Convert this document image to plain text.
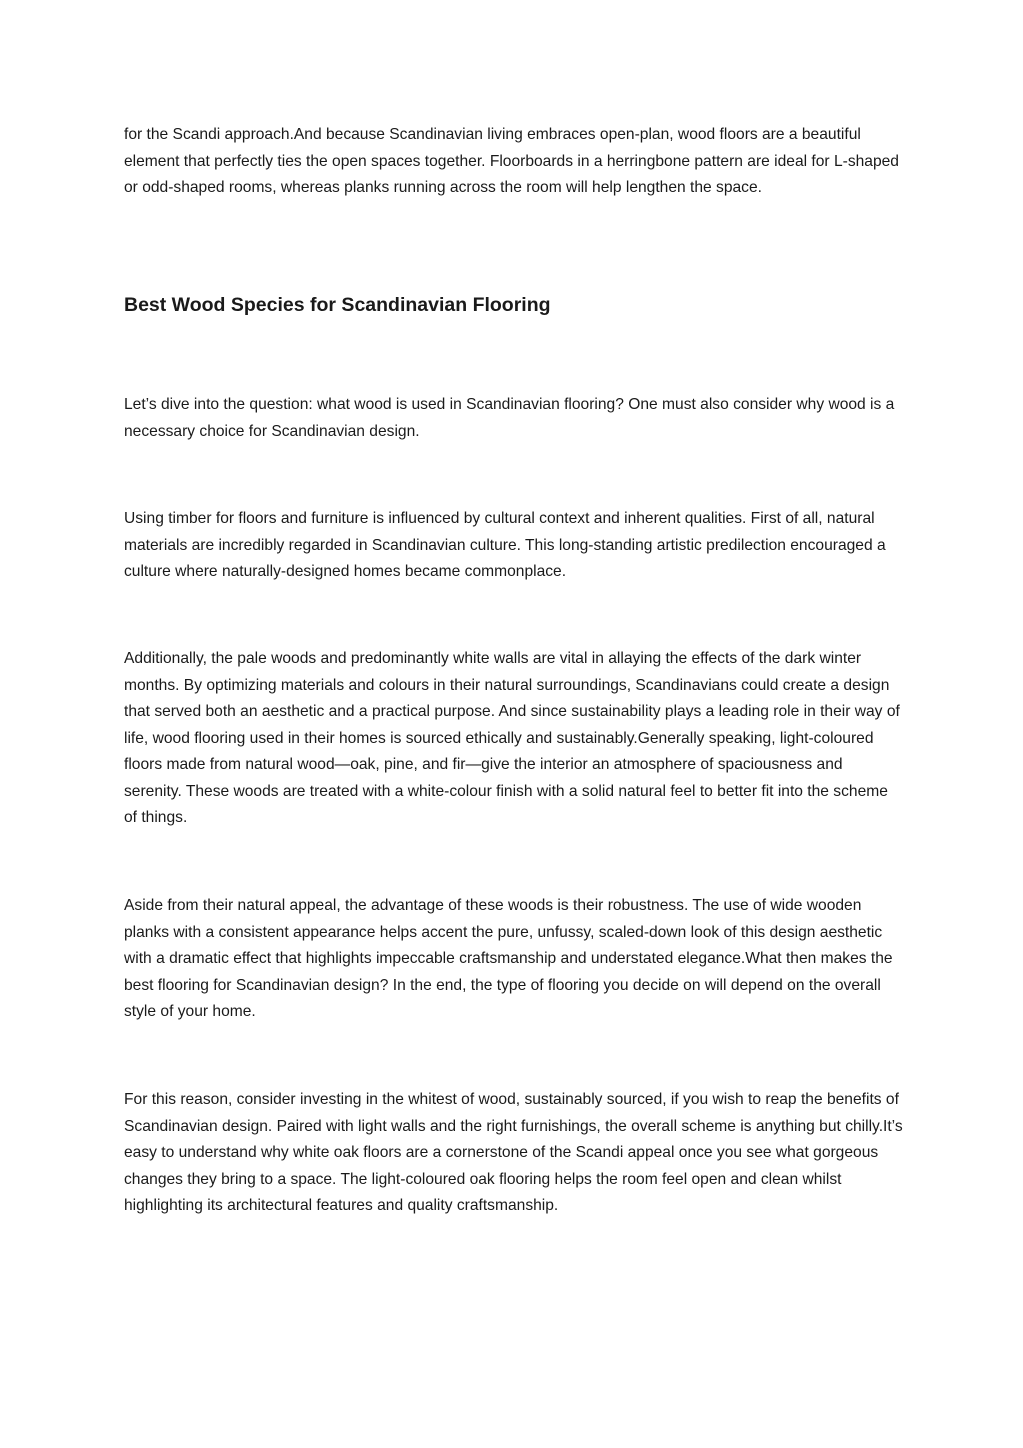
for the Scandi approach.And because Scandinavian living embraces open-plan, wood floors are a beautiful element that perfectly ties the open spaces together. Floorboards in a herringbone pattern are ideal for L-shaped or odd-shaped rooms, whereas planks running across the room will help lengthen the space.

Best Wood Species for Scandinavian Flooring

Let’s dive into the question: what wood is used in Scandinavian flooring? One must also consider why wood is a necessary choice for Scandinavian design.

Using timber for floors and furniture is influenced by cultural context and inherent qualities. First of all, natural materials are incredibly regarded in Scandinavian culture. This long-standing artistic predilection encouraged a culture where naturally-designed homes became commonplace.

Additionally, the pale woods and predominantly white walls are vital in allaying the effects of the dark winter months. By optimizing materials and colours in their natural surroundings, Scandinavians could create a design that served both an aesthetic and a practical purpose. And since sustainability plays a leading role in their way of life, wood flooring used in their homes is sourced ethically and sustainably.Generally speaking, light-coloured floors made from natural wood—oak, pine, and fir—give the interior an atmosphere of spaciousness and serenity. These woods are treated with a white-colour finish with a solid natural feel to better fit into the scheme of things.

Aside from their natural appeal, the advantage of these woods is their robustness. The use of wide wooden planks with a consistent appearance helps accent the pure, unfussy, scaled-down look of this design aesthetic with a dramatic effect that highlights impeccable craftsmanship and understated elegance.What then makes the best flooring for Scandinavian design? In the end, the type of flooring you decide on will depend on the overall style of your home.

For this reason, consider investing in the whitest of wood, sustainably sourced, if you wish to reap the benefits of Scandinavian design. Paired with light walls and the right furnishings, the overall scheme is anything but chilly.It’s easy to understand why white oak floors are a cornerstone of the Scandi appeal once you see what gorgeous changes they bring to a space. The light-coloured oak flooring helps the room feel open and clean whilst highlighting its architectural features and quality craftsmanship.
